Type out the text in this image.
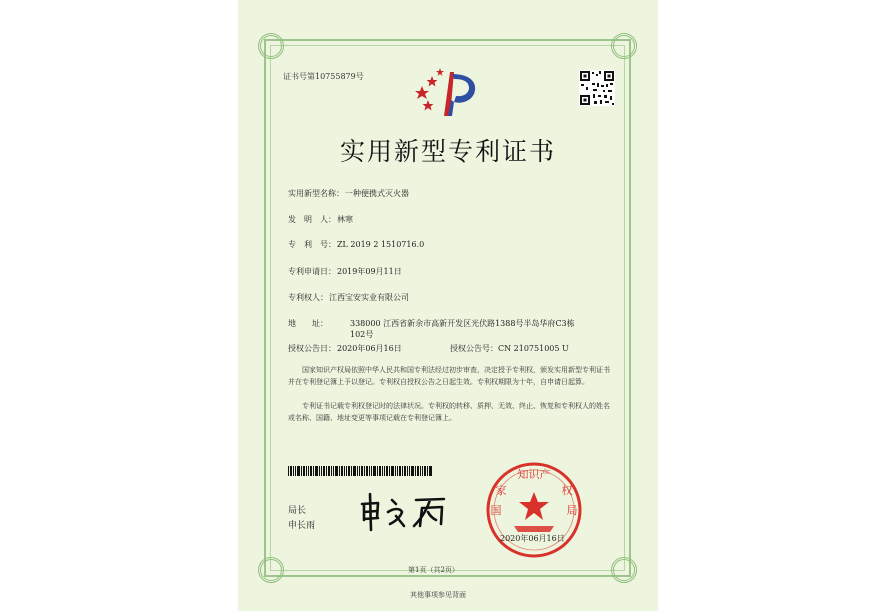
证书号第10755879号
实用新型专利证书
实用新型名称：一种便携式灭火器
发　明　人：林寒
专　利　号：ZL 2019 2 1510716.0
专利申请日：2019年09月11日
专利权人：江西宝安实业有限公司
地　　址：	338000 江西省新余市高新开发区光伏路1388号半岛华府C3栋102号
授权公告日：2020年06月16日	授权公告号：CN 210751005 U
国家知识产权局依照中华人民共和国专利法经过初步审查，决定授予专利权，颁发实用新型专利证书并在专利登记簿上予以登记。专利权自授权公告之日起生效。专利权期限为十年，自申请日起算。
专利证书记载专利权登记时的法律状况。专利权的转移、质押、无效、终止、恢复和专利权人的姓名或名称、国籍、地址变更等事项记载在专利登记簿上。
局长
申长雨
知识产
家	权
国	局
2020年06月16日
第1页（共2页）
其他事项参见背面
